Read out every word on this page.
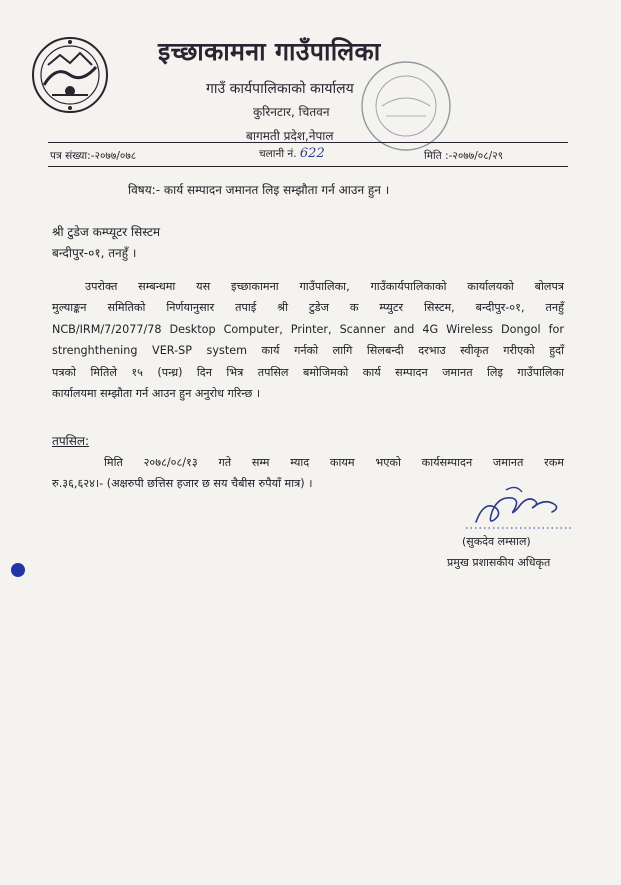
इच्छाकामना गाउँपालिका
गाउँ कार्यपालिकाको कार्यालय
कुरिनटार, चितवन
बागमती प्रदेश,नेपाल
पत्र संख्या:-२०७७/०७८	चलानी नं. 622	मिति :-२०७७/०८/२९
विषय:- कार्य सम्पादन जमानत लिइ सम्झौता गर्न आउन हुन ।
श्री टुडेज कम्प्यूटर सिस्टम
बन्दीपुर-०१, तनहुँ ।
उपरोक्त सम्बन्धमा यस इच्छाकामना गाउँपालिका, गाउँकार्यपालिकाको कार्यालयको बोलपत्र
मुल्याङ्कन समितिको निर्णयानुसार तपाई श्री टुडेज क म्प्युटर सिस्टम, बन्दीपुर-०१, तनहुँ
NCB/IRM/7/2077/78 Desktop Computer, Printer, Scanner and 4G Wireless Dongol for
strenghthening VER-SP system कार्य गर्नको लागि सिलबन्दी दरभाउ स्वीकृत गरीएको हुदाँ
पत्रको मितिले १५ (पन्ध्र) दिन भित्र तपसिल बमोजिमको कार्य सम्पादन जमानत लिइ गाउँपालिका
कार्यालयमा सम्झौता गर्न आउन हुन अनुरोध गरिन्छ ।
तपसिल:
मिति २०७८/०८/१३ गते सम्म म्याद कायम भएको कार्यसम्पादन जमानत रकम
रु.३६,६२४।- (अक्षरुपी छत्तिस हजार छ सय चैबीस रुपैयाँ मात्र) ।
(सुकदेव लम्साल)
प्रमुख प्रशासकीय अधिकृत
